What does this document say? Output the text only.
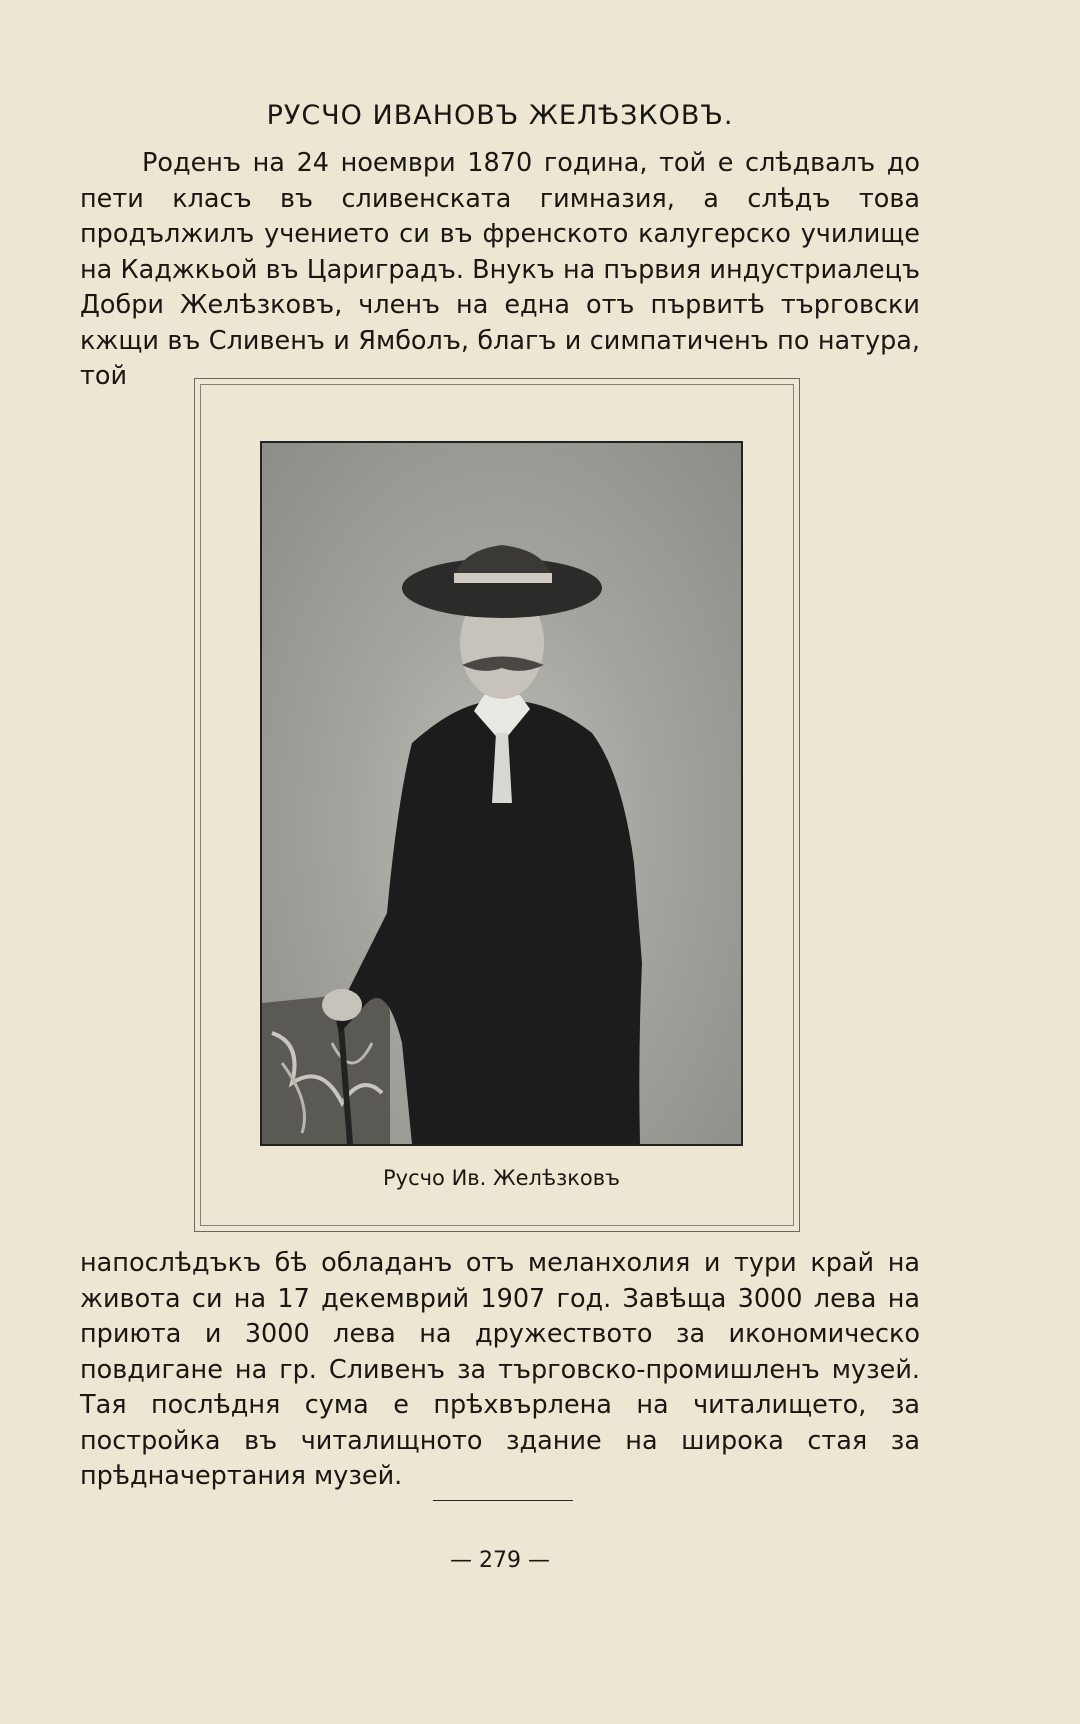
РУСЧО ИВАНОВЪ ЖЕЛѢЗКОВЪ.
Роденъ на 24 ноември 1870 година, той е слѣдвалъ до пети класъ въ сливенската гимназия, а слѣдъ това продължилъ учението си въ френското калугерско училище на Каджкьой въ Цариградъ. Внукъ на първия индустриалецъ Добри Желѣзковъ, членъ на една отъ първитѣ търговски кжщи въ Сливенъ и Ямболъ, благъ и симпатиченъ по натура, той
Русчо Ив. Желѣзковъ
напослѣдъкъ бѣ обладанъ отъ меланхолия и тури край на живота си на 17 декемврий 1907 год. Завѣща 3000 лева на приюта и 3000 лева на дружеството за икономическо повдигане на гр. Сливенъ за търговско-промишленъ музей. Тая послѣдня сума е прѣхвърлена на читалището, за постройка въ читалищното здание на широка стая за прѣдначертания музей.
— 279 —
